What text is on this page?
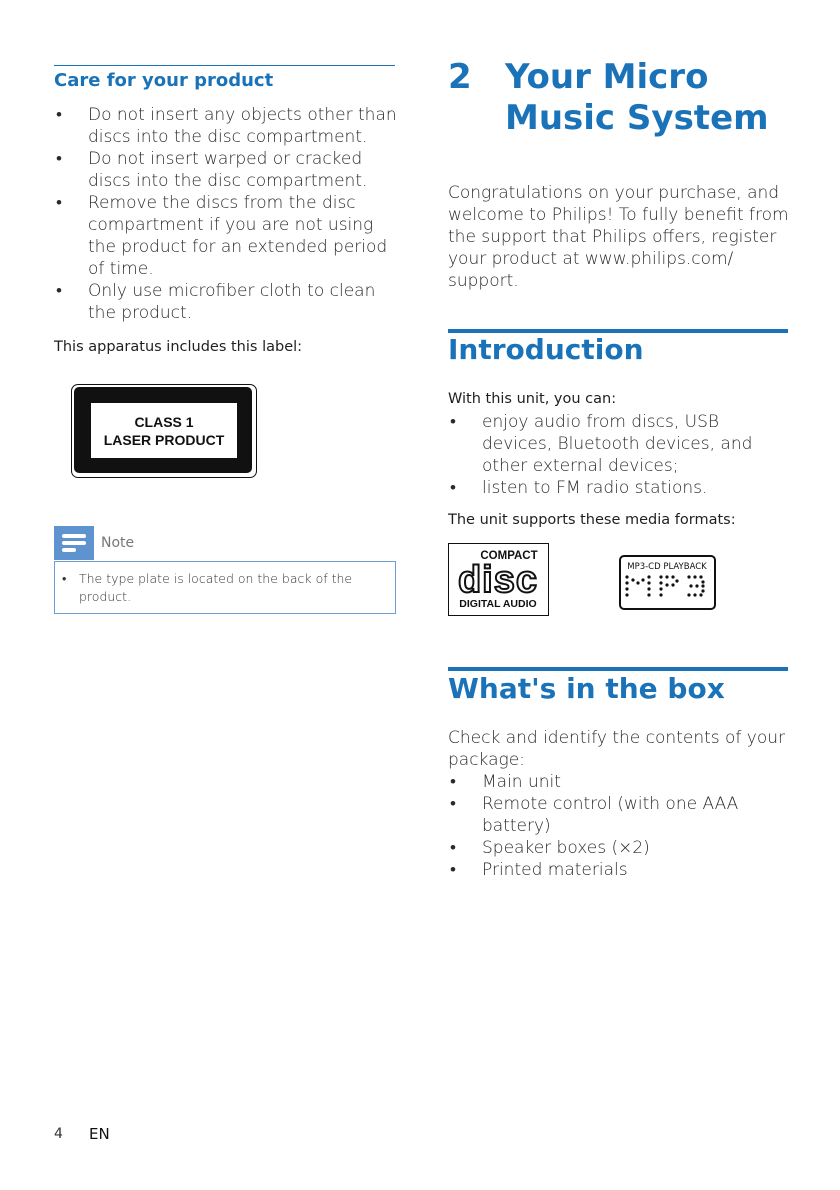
Care for your product
• Do not insert any objects other than discs into the disc compartment.
• Do not insert warped or cracked discs into the disc compartment.
• Remove the discs from the disc compartment if you are not using the product for an extended period of time.
• Only use microfiber cloth to clean the product.
This apparatus includes this label:
CLASS 1
LASER PRODUCT
Note
• The type plate is located on the back of the product.
4 EN
2 Your Micro
Music System
Congratulations on your purchase, and welcome to Philips! To fully benefit from the support that Philips offers, register your product at www.philips.com/ support.
Introduction
With this unit, you can:
• enjoy audio from discs, USB devices, Bluetooth devices, and other external devices;
• listen to FM radio stations.
The unit supports these media formats:
COMPACT
disc
DIGITAL AUDIO
MP3-CD PLAYBACK
What's in the box
Check and identify the contents of your package:
• Main unit
• Remote control (with one AAA battery)
• Speaker boxes (×2)
• Printed materials
